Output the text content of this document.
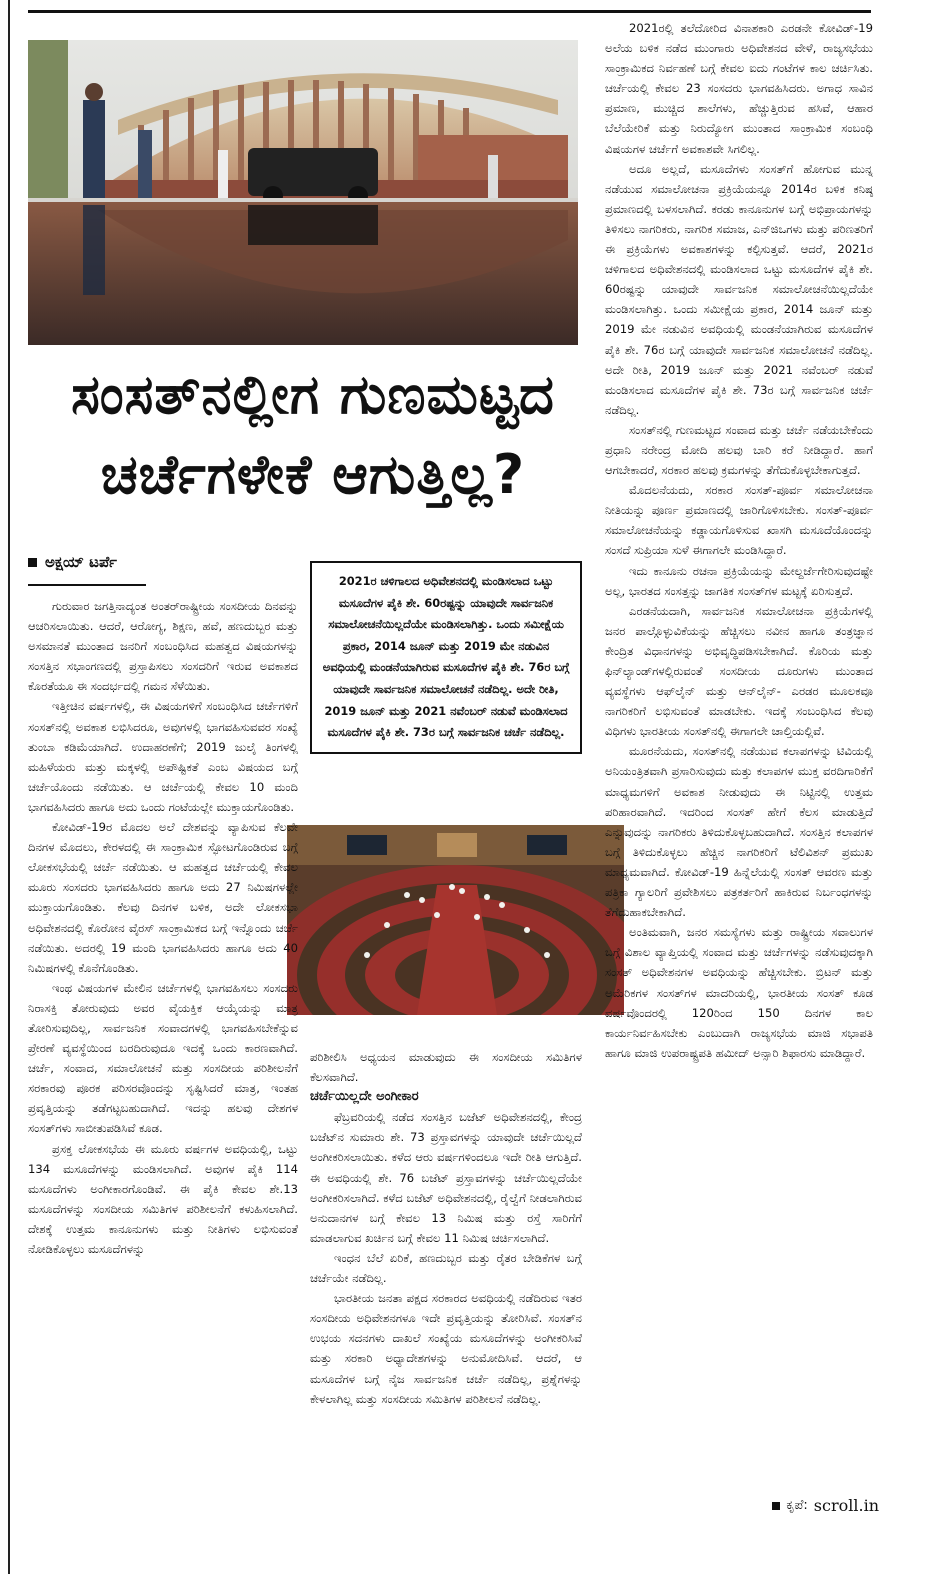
ಸಂಸತ್‌ನಲ್ಲೀಗ ಗುಣಮಟ್ಟದ
ಚರ್ಚೆಗಳೇಕೆ ಆಗುತ್ತಿಲ್ಲ?
ಅಕ್ಷಯ್ ಟರ್ಪೆ
2021ರ ಚಳಿಗಾಲದ ಅಧಿವೇಶನದಲ್ಲಿ ಮಂಡಿಸಲಾದ ಒಟ್ಟು ಮಸೂದೆಗಳ ಪೈಕಿ ಶೇ. 60ರಷ್ಟನ್ನು ಯಾವುದೇ ಸಾರ್ವಜನಿಕ ಸಮಾಲೋಚನೆಯಿಲ್ಲದೆಯೇ ಮಂಡಿಸಲಾಗಿತ್ತು. ಒಂದು ಸಮೀಕ್ಷೆಯ ಪ್ರಕಾರ, 2014 ಜೂನ್ ಮತ್ತು 2019 ಮೇ ನಡುವಿನ ಅವಧಿಯಲ್ಲಿ ಮಂಡನೆಯಾಗಿರುವ ಮಸೂದೆಗಳ ಪೈಕಿ ಶೇ. 76ರ ಬಗ್ಗೆ ಯಾವುದೇ ಸಾರ್ವಜನಿಕ ಸಮಾಲೋಚನೆ ನಡೆದಿಲ್ಲ. ಅದೇ ರೀತಿ, 2019 ಜೂನ್ ಮತ್ತು 2021 ನವೆಂಬರ್ ನಡುವೆ ಮಂಡಿಸಲಾದ ಮಸೂದೆಗಳ ಪೈಕಿ ಶೇ. 73ರ ಬಗ್ಗೆ ಸಾರ್ವಜನಿಕ ಚರ್ಚೆ ನಡೆದಿಲ್ಲ.

ಗುರುವಾರ ಜಗತ್ತಿನಾದ್ಯಂತ ಅಂತರ್‌ರಾಷ್ಟ್ರೀಯ ಸಂಸದೀಯ ದಿನವನ್ನು ಆಚರಿಸಲಾಯಿತು. ಆದರೆ, ಆರೋಗ್ಯ, ಶಿಕ್ಷಣ, ಹವೆ, ಹಣದುಬ್ಬರ ಮತ್ತು ಅಸಮಾನತೆ ಮುಂತಾದ ಜನರಿಗೆ ಸಂಬಂಧಿಸಿದ ಮಹತ್ವದ ವಿಷಯಗಳನ್ನು ಸಂಸತ್ತಿನ ಸಭಾಂಗಣದಲ್ಲಿ ಪ್ರಸ್ತಾಪಿಸಲು ಸಂಸದರಿಗೆ ಇರುವ ಅವಕಾಶದ ಕೊರತೆಯೂ ಈ ಸಂದರ್ಭದಲ್ಲಿ ಗಮನ ಸೆಳೆಯಿತು.

ಇತ್ತೀಚಿನ ವರ್ಷಗಳಲ್ಲಿ, ಈ ವಿಷಯಗಳಿಗೆ ಸಂಬಂಧಿಸಿದ ಚರ್ಚೆಗಳಿಗೆ ಸಂಸತ್‌ನಲ್ಲಿ ಅವಕಾಶ ಲಭಿಸಿದರೂ, ಅವುಗಳಲ್ಲಿ ಭಾಗವಹಿಸುವವರ ಸಂಖ್ಯೆ ತುಂಬಾ ಕಡಿಮೆಯಾಗಿದೆ. ಉದಾಹರಣೆಗೆ; 2019 ಜುಲೈ ತಿಂಗಳಲ್ಲಿ ಮಹಿಳೆಯರು ಮತ್ತು ಮಕ್ಕಳಲ್ಲಿ ಅಪೌಷ್ಟಿಕತೆ ಎಂಬ ವಿಷಯದ ಬಗ್ಗೆ ಚರ್ಚೆಯೊಂದು ನಡೆಯಿತು. ಆ ಚರ್ಚೆಯಲ್ಲಿ ಕೇವಲ 10 ಮಂದಿ ಭಾಗವಹಿಸಿದರು ಹಾಗೂ ಅದು ಒಂದು ಗಂಟೆಯಲ್ಲೇ ಮುಕ್ತಾಯಗೊಂಡಿತು.

ಕೋವಿಡ್-19ರ ಮೊದಲ ಅಲೆ ದೇಶವನ್ನು ವ್ಯಾಪಿಸುವ ಕೆಲವೇ ದಿನಗಳ ಮೊದಲು, ಕೇರಳದಲ್ಲಿ ಈ ಸಾಂಕ್ರಾಮಿಕ ಸ್ಫೋಟಗೊಂಡಿರುವ ಬಗ್ಗೆ ಲೋಕಸಭೆಯಲ್ಲಿ ಚರ್ಚೆ ನಡೆಯಿತು. ಆ ಮಹತ್ವದ ಚರ್ಚೆಯಲ್ಲಿ ಕೇವಲ ಮೂರು ಸಂಸದರು ಭಾಗವಹಿಸಿದರು ಹಾಗೂ ಅದು 27 ನಿಮಿಷಗಳಲ್ಲೇ ಮುಕ್ತಾಯಗೊಂಡಿತು. ಕೆಲವು ದಿನಗಳ ಬಳಿಕ, ಅದೇ ಲೋಕಸಭಾ ಅಧಿವೇಶನದಲ್ಲಿ ಕೊರೋನ ವೈರಸ್ ಸಾಂಕ್ರಾಮಿಕದ ಬಗ್ಗೆ ಇನ್ನೊಂದು ಚರ್ಚೆ ನಡೆಯಿತು. ಅದರಲ್ಲಿ 19 ಮಂದಿ ಭಾಗವಹಿಸಿದರು ಹಾಗೂ ಅದು 40 ನಿಮಿಷಗಳಲ್ಲಿ ಕೊನೆಗೊಂಡಿತು.

ಇಂಥ ವಿಷಯಗಳ ಮೇಲಿನ ಚರ್ಚೆಗಳಲ್ಲಿ ಭಾಗವಹಿಸಲು ಸಂಸದರು ನಿರಾಸಕ್ತಿ ತೋರುವುದು ಅವರ ವೈಯಕ್ತಿಕ ಆಯ್ಕೆಯನ್ನು ಮಾತ್ರ ತೋರಿಸುವುದಿಲ್ಲ, ಸಾರ್ವಜನಿಕ ಸಂವಾದಗಳಲ್ಲಿ ಭಾಗವಹಿಸಬೇಕೆನ್ನುವ ಪ್ರೇರಣೆ ವ್ಯವಸ್ಥೆಯಿಂದ ಬರದಿರುವುದೂ ಇದಕ್ಕೆ ಒಂದು ಕಾರಣವಾಗಿದೆ. ಚರ್ಚೆ, ಸಂವಾದ, ಸಮಾಲೋಚನೆ ಮತ್ತು ಸಂಸದೀಯ ಪರಿಶೀಲನೆಗೆ ಸರಕಾರವು ಪೂರಕ ಪರಿಸರವೊಂದನ್ನು ಸೃಷ್ಟಿಸಿದರೆ ಮಾತ್ರ, ಇಂತಹ ಪ್ರವೃತ್ತಿಯನ್ನು ತಡೆಗಟ್ಟಬಹುದಾಗಿದೆ. ಇದನ್ನು ಹಲವು ದೇಶಗಳ ಸಂಸತ್‌ಗಳು ಸಾಬೀತುಪಡಿಸಿವೆ ಕೂಡ.

ಪ್ರಸಕ್ತ ಲೋಕಸಭೆಯ ಈ ಮೂರು ವರ್ಷಗಳ ಅವಧಿಯಲ್ಲಿ, ಒಟ್ಟು 134 ಮಸೂದೆಗಳನ್ನು ಮಂಡಿಸಲಾಗಿದೆ. ಅವುಗಳ ಪೈಕಿ 114 ಮಸೂದೆಗಳು ಅಂಗೀಕಾರಗೊಂಡಿವೆ. ಈ ಪೈಕಿ ಕೇವಲ ಶೇ.13 ಮಸೂದೆಗಳನ್ನು ಸಂಸದೀಯ ಸಮಿತಿಗಳ ಪರಿಶೀಲನೆಗೆ ಕಳುಹಿಸಲಾಗಿದೆ. ದೇಶಕ್ಕೆ ಉತ್ತಮ ಕಾನೂನುಗಳು ಮತ್ತು ನೀತಿಗಳು ಲಭಿಸುವಂತೆ ನೋಡಿಕೊಳ್ಳಲು ಮಸೂದೆಗಳನ್ನು

ಪರಿಶೀಲಿಸಿ ಅಧ್ಯಯನ ಮಾಡುವುದು ಈ ಸಂಸದೀಯ ಸಮಿತಿಗಳ ಕೆಲಸವಾಗಿದೆ.

ಚರ್ಚೆಯಿಲ್ಲದೇ ಅಂಗೀಕಾರ

ಫೆಬ್ರವರಿಯಲ್ಲಿ ನಡೆದ ಸಂಸತ್ತಿನ ಬಜೆಟ್ ಅಧಿವೇಶನದಲ್ಲಿ, ಕೇಂದ್ರ ಬಜೆಟ್‌ನ ಸುಮಾರು ಶೇ. 73 ಪ್ರಸ್ತಾವಗಳನ್ನು ಯಾವುದೇ ಚರ್ಚೆಯಿಲ್ಲದೆ ಅಂಗೀಕರಿಸಲಾಯಿತು. ಕಳೆದ ಆರು ವರ್ಷಗಳಿಂದಲೂ ಇದೇ ರೀತಿ ಆಗುತ್ತಿದೆ. ಈ ಅವಧಿಯಲ್ಲಿ ಶೇ. 76 ಬಜೆಟ್ ಪ್ರಸ್ತಾವಗಳನ್ನು ಚರ್ಚೆಯಿಲ್ಲದೆಯೇ ಅಂಗೀಕರಿಸಲಾಗಿದೆ. ಕಳೆದ ಬಜೆಟ್ ಅಧಿವೇಶನದಲ್ಲಿ, ರೈಲ್ವೆಗೆ ನೀಡಲಾಗಿರುವ ಅನುದಾನಗಳ ಬಗ್ಗೆ ಕೇವಲ 13 ನಿಮಿಷ ಮತ್ತು ರಸ್ತೆ ಸಾರಿಗೆಗೆ ಮಾಡಲಾಗುವ ಖರ್ಚಿನ ಬಗ್ಗೆ ಕೇವಲ 11 ನಿಮಿಷ ಚರ್ಚಿಸಲಾಗಿದೆ.

ಇಂಧನ ಬೆಲೆ ಏರಿಕೆ, ಹಣದುಬ್ಬರ ಮತ್ತು ರೈತರ ಬೇಡಿಕೆಗಳ ಬಗ್ಗೆ ಚರ್ಚೆಯೇ ನಡೆದಿಲ್ಲ.

ಭಾರತೀಯ ಜನತಾ ಪಕ್ಷದ ಸರಕಾರದ ಅವಧಿಯಲ್ಲಿ ನಡೆದಿರುವ ಇತರ ಸಂಸದೀಯ ಅಧಿವೇಶನಗಳೂ ಇದೇ ಪ್ರವೃತ್ತಿಯನ್ನು ತೋರಿಸಿವೆ. ಸಂಸತ್‌ನ ಉಭಯ ಸದನಗಳು ದಾಖಲೆ ಸಂಖ್ಯೆಯ ಮಸೂದೆಗಳನ್ನು ಅಂಗೀಕರಿಸಿವೆ ಮತ್ತು ಸರಕಾರಿ ಅಧ್ಯಾದೇಶಗಳನ್ನು ಅನುಮೋದಿಸಿವೆ. ಆದರೆ, ಆ ಮಸೂದೆಗಳ ಬಗ್ಗೆ ನೈಜ ಸಾರ್ವಜನಿಕ ಚರ್ಚೆ ನಡೆದಿಲ್ಲ, ಪ್ರಶ್ನೆಗಳನ್ನು ಕೇಳಲಾಗಿಲ್ಲ ಮತ್ತು ಸಂಸದೀಯ ಸಮಿತಿಗಳ ಪರಿಶೀಲನೆ ನಡೆದಿಲ್ಲ.

2021ರಲ್ಲಿ ತಲೆದೋರಿದ ವಿನಾಶಕಾರಿ ಎರಡನೇ ಕೋವಿಡ್-19 ಅಲೆಯ ಬಳಿಕ ನಡೆದ ಮುಂಗಾರು ಅಧಿವೇಶನದ ವೇಳೆ, ರಾಜ್ಯಸಭೆಯು ಸಾಂಕ್ರಾಮಿಕದ ನಿರ್ವಹಣೆ ಬಗ್ಗೆ ಕೇವಲ ಐದು ಗಂಟೆಗಳ ಕಾಲ ಚರ್ಚಿಸಿತು. ಚರ್ಚೆಯಲ್ಲಿ ಕೇವಲ 23 ಸಂಸದರು ಭಾಗವಹಿಸಿದರು. ಅಗಾಧ ಸಾವಿನ ಪ್ರಮಾಣ, ಮುಚ್ಚಿದ ಶಾಲೆಗಳು, ಹೆಚ್ಚುತ್ತಿರುವ ಹಸಿವೆ, ಆಹಾರ ಬೆಲೆಯೇರಿಕೆ ಮತ್ತು ನಿರುದ್ಯೋಗ ಮುಂತಾದ ಸಾಂಕ್ರಾಮಿಕ ಸಂಬಂಧಿ ವಿಷಯಗಳ ಚರ್ಚೆಗೆ ಅವಕಾಶವೇ ಸಿಗಲಿಲ್ಲ.

ಅದೂ ಅಲ್ಲದೆ, ಮಸೂದೆಗಳು ಸಂಸತ್‌ಗೆ ಹೋಗುವ ಮುನ್ನ ನಡೆಯುವ ಸಮಾಲೋಚನಾ ಪ್ರಕ್ರಿಯೆಯನ್ನೂ 2014ರ ಬಳಿಕ ಕನಿಷ್ಠ ಪ್ರಮಾಣದಲ್ಲಿ ಬಳಸಲಾಗಿದೆ. ಕರಡು ಕಾನೂನುಗಳ ಬಗ್ಗೆ ಅಭಿಪ್ರಾಯಗಳನ್ನು ತಿಳಿಸಲು ನಾಗರಿಕರು, ನಾಗರಿಕ ಸಮಾಜ, ಎನ್‌ಜಿಒಗಳು ಮತ್ತು ಪರಿಣತರಿಗೆ ಈ ಪ್ರಕ್ರಿಯೆಗಳು ಅವಕಾಶಗಳನ್ನು ಕಲ್ಪಿಸುತ್ತವೆ. ಆದರೆ, 2021ರ ಚಳಿಗಾಲದ ಅಧಿವೇಶನದಲ್ಲಿ ಮಂಡಿಸಲಾದ ಒಟ್ಟು ಮಸೂದೆಗಳ ಪೈಕಿ ಶೇ. 60ರಷ್ಟನ್ನು ಯಾವುದೇ ಸಾರ್ವಜನಿಕ ಸಮಾಲೋಚನೆಯಿಲ್ಲದೆಯೇ ಮಂಡಿಸಲಾಗಿತ್ತು. ಒಂದು ಸಮೀಕ್ಷೆಯ ಪ್ರಕಾರ, 2014 ಜೂನ್ ಮತ್ತು 2019 ಮೇ ನಡುವಿನ ಅವಧಿಯಲ್ಲಿ ಮಂಡನೆಯಾಗಿರುವ ಮಸೂದೆಗಳ ಪೈಕಿ ಶೇ. 76ರ ಬಗ್ಗೆ ಯಾವುದೇ ಸಾರ್ವಜನಿಕ ಸಮಾಲೋಚನೆ ನಡೆದಿಲ್ಲ. ಅದೇ ರೀತಿ, 2019 ಜೂನ್ ಮತ್ತು 2021 ನವೆಂಬರ್ ನಡುವೆ ಮಂಡಿಸಲಾದ ಮಸೂದೆಗಳ ಪೈಕಿ ಶೇ. 73ರ ಬಗ್ಗೆ ಸಾರ್ವಜನಿಕ ಚರ್ಚೆ ನಡೆದಿಲ್ಲ.

ಸಂಸತ್‌ನಲ್ಲಿ ಗುಣಮಟ್ಟದ ಸಂವಾದ ಮತ್ತು ಚರ್ಚೆ ನಡೆಯಬೇಕೆಂದು ಪ್ರಧಾನಿ ನರೇಂದ್ರ ಮೋದಿ ಹಲವು ಬಾರಿ ಕರೆ ನೀಡಿದ್ದಾರೆ. ಹಾಗೆ ಆಗಬೇಕಾದರೆ, ಸರಕಾರ ಹಲವು ಕ್ರಮಗಳನ್ನು ತೆಗೆದುಕೊಳ್ಳಬೇಕಾಗುತ್ತದೆ.

ಮೊದಲನೆಯದು, ಸರಕಾರ ಸಂಸತ್-ಪೂರ್ವ ಸಮಾಲೋಚನಾ ನೀತಿಯನ್ನು ಪೂರ್ಣ ಪ್ರಮಾಣದಲ್ಲಿ ಜಾರಿಗೊಳಿಸಬೇಕು. ಸಂಸತ್-ಪೂರ್ವ ಸಮಾಲೋಚನೆಯನ್ನು ಕಡ್ಡಾಯಗೊಳಿಸುವ ಖಾಸಗಿ ಮಸೂದೆಯೊಂದನ್ನು ಸಂಸದೆ ಸುಪ್ರಿಯಾ ಸುಳೆ ಈಗಾಗಲೇ ಮಂಡಿಸಿದ್ದಾರೆ.

ಇದು ಕಾನೂನು ರಚನಾ ಪ್ರಕ್ರಿಯೆಯನ್ನು ಮೇಲ್ದರ್ಜೆಗೇರಿಸುವುದಷ್ಟೇ ಅಲ್ಲ, ಭಾರತದ ಸಂಸತ್ತನ್ನು ಜಾಗತಿಕ ಸಂಸತ್‌ಗಳ ಮಟ್ಟಕ್ಕೆ ಏರಿಸುತ್ತದೆ.

ಎರಡನೆಯದಾಗಿ, ಸಾರ್ವಜನಿಕ ಸಮಾಲೋಚನಾ ಪ್ರಕ್ರಿಯೆಗಳಲ್ಲಿ ಜನರ ಪಾಲ್ಗೊಳ್ಳುವಿಕೆಯನ್ನು ಹೆಚ್ಚಿಸಲು ನವೀನ ಹಾಗೂ ತಂತ್ರಜ್ಞಾನ ಕೇಂದ್ರಿತ ವಿಧಾನಗಳನ್ನು ಅಭಿವೃದ್ಧಿಪಡಿಸಬೇಕಾಗಿದೆ. ಕೊರಿಯ ಮತ್ತು ಫಿನ್‌ಲ್ಯಾಂಡ್‌ಗಳಲ್ಲಿರುವಂತೆ ಸಂಸದೀಯ ದೂರುಗಳು ಮುಂತಾದ ವ್ಯವಸ್ಥೆಗಳು ಆಫ್‌ಲೈನ್ ಮತ್ತು ಆನ್‌ಲೈನ್- ಎರಡರ ಮೂಲಕವೂ ನಾಗರಿಕರಿಗೆ ಲಭಿಸುವಂತೆ ಮಾಡಬೇಕು. ಇದಕ್ಕೆ ಸಂಬಂಧಿಸಿದ ಕೆಲವು ವಿಧಿಗಳು ಭಾರತೀಯ ಸಂಸತ್‌ನಲ್ಲಿ ಈಗಾಗಲೇ ಚಾಲ್ತಿಯಲ್ಲಿವೆ.

ಮೂರನೆಯದು, ಸಂಸತ್‌ನಲ್ಲಿ ನಡೆಯುವ ಕಲಾಪಗಳನ್ನು ಟಿವಿಯಲ್ಲಿ ಅನಿಯಂತ್ರಿತವಾಗಿ ಪ್ರಸಾರಿಸುವುದು ಮತ್ತು ಕಲಾಪಗಳ ಮುಕ್ತ ವರದಿಗಾರಿಕೆಗೆ ಮಾಧ್ಯಮಗಳಿಗೆ ಅವಕಾಶ ನೀಡುವುದು ಈ ನಿಟ್ಟಿನಲ್ಲಿ ಉತ್ತಮ ಪರಿಹಾರವಾಗಿದೆ. ಇದರಿಂದ ಸಂಸತ್ ಹೇಗೆ ಕೆಲಸ ಮಾಡುತ್ತಿದೆ ಎನ್ನುವುದನ್ನು ನಾಗರಿಕರು ತಿಳಿದುಕೊಳ್ಳಬಹುದಾಗಿದೆ. ಸಂಸತ್ತಿನ ಕಲಾಪಗಳ ಬಗ್ಗೆ ತಿಳಿದುಕೊಳ್ಳಲು ಹೆಚ್ಚಿನ ನಾಗರಿಕರಿಗೆ ಟೆಲಿವಿಶನ್ ಪ್ರಮುಖ ಮಾಧ್ಯಮವಾಗಿದೆ. ಕೋವಿಡ್-19 ಹಿನ್ನೆಲೆಯಲ್ಲಿ ಸಂಸತ್ ಆವರಣ ಮತ್ತು ಪತ್ರಿಕಾ ಗ್ಯಾಲರಿಗೆ ಪ್ರವೇಶಿಸಲು ಪತ್ರಕರ್ತರಿಗೆ ಹಾಕಿರುವ ನಿರ್ಬಂಧಗಳನ್ನು ತೆಗೆದುಹಾಕಬೇಕಾಗಿದೆ.

ಅಂತಿಮವಾಗಿ, ಜನರ ಸಮಸ್ಯೆಗಳು ಮತ್ತು ರಾಷ್ಟ್ರೀಯ ಸವಾಲುಗಳ ಬಗ್ಗೆ ವಿಶಾಲ ವ್ಯಾಪ್ತಿಯಲ್ಲಿ ಸಂವಾದ ಮತ್ತು ಚರ್ಚೆಗಳನ್ನು ನಡೆಸುವುದಕ್ಕಾಗಿ ಸಂಸತ್ ಅಧಿವೇಶನಗಳ ಅವಧಿಯನ್ನು ಹೆಚ್ಚಿಸಬೇಕು. ಬ್ರಿಟನ್ ಮತ್ತು ಅಮೆರಿಕಗಳ ಸಂಸತ್‌ಗಳ ಮಾದರಿಯಲ್ಲಿ, ಭಾರತೀಯ ಸಂಸತ್ ಕೂಡ ವರ್ಷವೊಂದರಲ್ಲಿ 120ರಿಂದ 150 ದಿನಗಳ ಕಾಲ ಕಾರ್ಯನಿರ್ವಹಿಸಬೇಕು ಎಂಬುದಾಗಿ ರಾಜ್ಯಸಭೆಯ ಮಾಜಿ ಸಭಾಪತಿ ಹಾಗೂ ಮಾಜಿ ಉಪರಾಷ್ಟ್ರಪತಿ ಹಮೀದ್ ಅನ್ಸಾರಿ ಶಿಫಾರಸು ಮಾಡಿದ್ದಾರೆ.

ಕೃಪೆ: scroll.in
